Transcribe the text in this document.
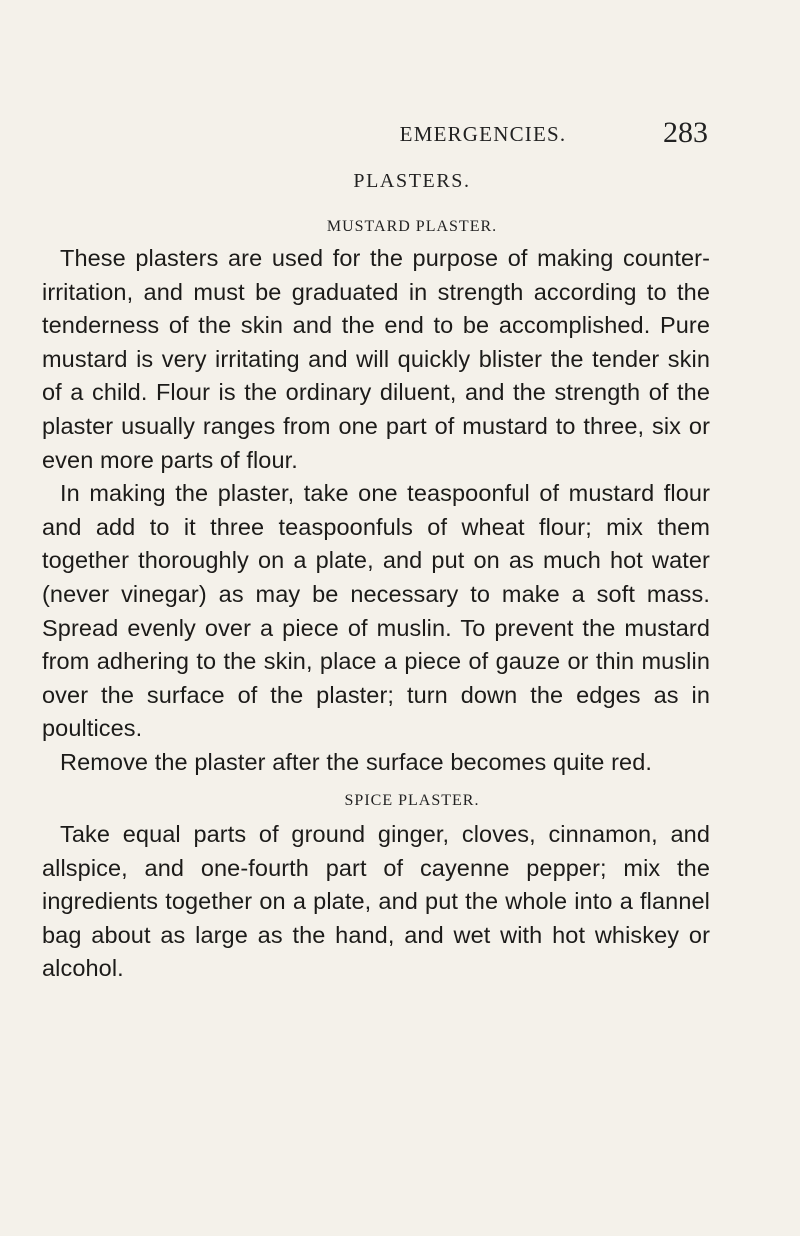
EMERGENCIES.	283
PLASTERS.
MUSTARD PLASTER.

These plasters are used for the purpose of making counter-irritation, and must be graduated in strength according to the tenderness of the skin and the end to be accomplished. Pure mustard is very irritating and will quickly blister the tender skin of a child. Flour is the ordinary diluent, and the strength of the plaster usually ranges from one part of mustard to three, six or even more parts of flour.

In making the plaster, take one teaspoonful of mustard flour and add to it three teaspoonfuls of wheat flour; mix them together thoroughly on a plate, and put on as much hot water (never vinegar) as may be necessary to make a soft mass. Spread evenly over a piece of muslin. To prevent the mustard from adhering to the skin, place a piece of gauze or thin muslin over the surface of the plaster; turn down the edges as in poultices.

Remove the plaster after the surface becomes quite red.

SPICE PLASTER.

Take equal parts of ground ginger, cloves, cinnamon, and allspice, and one-fourth part of cayenne pepper; mix the ingredients together on a plate, and put the whole into a flannel bag about as large as the hand, and wet with hot whiskey or alcohol.
